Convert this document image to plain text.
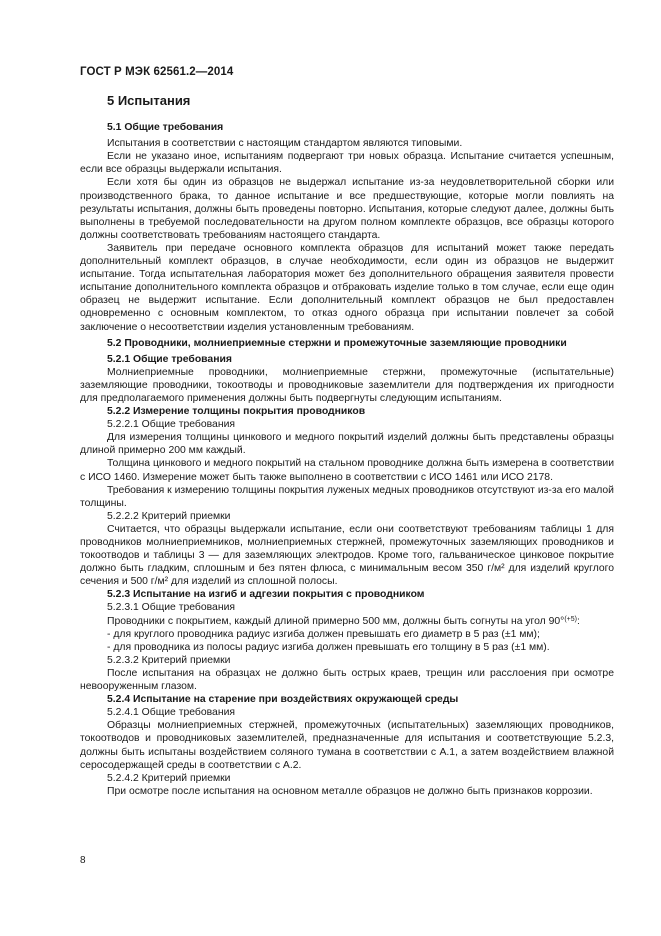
ГОСТ Р МЭК 62561.2—2014
5 Испытания

5.1 Общие требования

Испытания в соответствии с настоящим стандартом являются типовыми.

Если не указано иное, испытаниям подвергают три новых образца. Испытание считается успешным, если все образцы выдержали испытания.

Если хотя бы один из образцов не выдержал испытание из-за неудовлетворительной сборки или производственного брака, то данное испытание и все предшествующие, которые могли повлиять на результаты испытания, должны быть проведены повторно. Испытания, которые следуют далее, должны быть выполнены в требуемой последовательности на другом полном комплекте образцов, все образцы которого должны соответствовать требованиям настоящего стандарта.

Заявитель при передаче основного комплекта образцов для испытаний может также передать дополнительный комплект образцов, в случае необходимости, если один из образцов не выдержит испытание. Тогда испытательная лаборатория может без дополнительного обращения заявителя провести испытание дополнительного комплекта образцов и отбраковать изделие только в том случае, если еще один образец не выдержит испытание. Если дополнительный комплект образцов не был предоставлен одновременно с основным комплектом, то отказ одного образца при испытании повлечет за собой заключение о несоответствии изделия установленным требованиям.

5.2 Проводники, молниеприемные стержни и промежуточные заземляющие проводники

5.2.1 Общие требования

Молниеприемные проводники, молниеприемные стержни, промежуточные (испытательные) заземляющие проводники, токоотводы и проводниковые заземлители для подтверждения их пригодности для предполагаемого применения должны быть подвергнуты следующим испытаниям.

5.2.2 Измерение толщины покрытия проводников

5.2.2.1 Общие требования

Для измерения толщины цинкового и медного покрытий изделий должны быть представлены образцы длиной примерно 200 мм каждый.

Толщина цинкового и медного покрытий на стальном проводнике должна быть измерена в соответствии с ИСО 1460. Измерение может быть также выполнено в соответствии с ИСО 1461 или ИСО 2178.

Требования к измерению толщины покрытия луженых медных проводников отсутствуют из-за его малой толщины.

5.2.2.2 Критерий приемки

Считается, что образцы выдержали испытание, если они соответствуют требованиям таблицы 1 для проводников молниеприемников, молниеприемных стержней, промежуточных заземляющих проводников и токоотводов и таблицы 3 — для заземляющих электродов. Кроме того, гальваническое цинковое покрытие должно быть гладким, сплошным и без пятен флюса, с минимальным весом 350 г/м² для изделий круглого сечения и 500 г/м² для изделий из сплошной полосы.

5.2.3 Испытание на изгиб и адгезии покрытия с проводником

5.2.3.1 Общие требования

Проводники с покрытием, каждый длиной примерно 500 мм, должны быть согнуты на угол 90°$^{(+5)}$:

- для круглого проводника радиус изгиба должен превышать его диаметр в 5 раз (±1 мм);

- для проводника из полосы радиус изгиба должен превышать его толщину в 5 раз (±1 мм).

5.2.3.2 Критерий приемки

После испытания на образцах не должно быть острых краев, трещин или расслоения при осмотре невооруженным глазом.

5.2.4 Испытание на старение при воздействиях окружающей среды

5.2.4.1 Общие требования

Образцы молниеприемных стержней, промежуточных (испытательных) заземляющих проводников, токоотводов и проводниковых заземлителей, предназначенные для испытания и соответствующие 5.2.3, должны быть испытаны воздействием соляного тумана в соответствии с А.1, а затем воздействием влажной серосодержащей среды в соответствии с А.2.

5.2.4.2 Критерий приемки

При осмотре после испытания на основном металле образцов не должно быть признаков коррозии.

8
